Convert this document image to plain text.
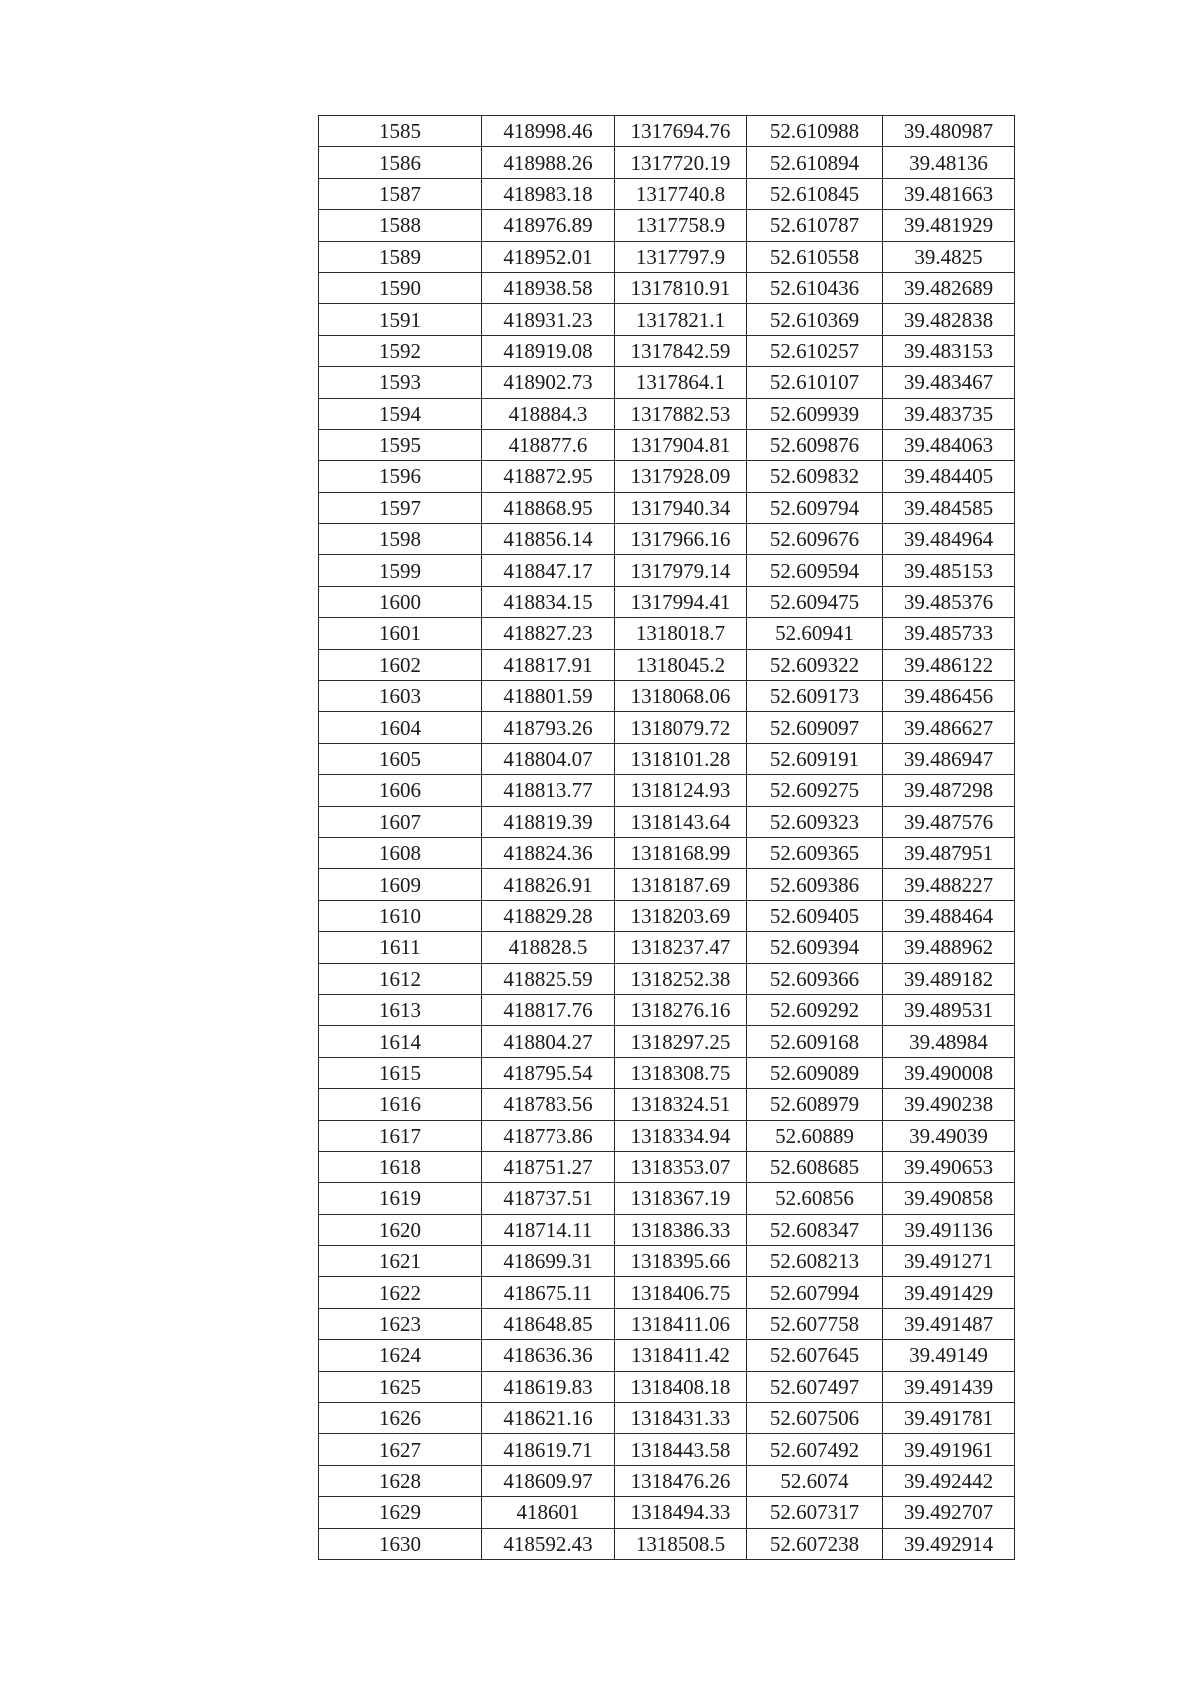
1585	418998.46	1317694.76	52.610988	39.480987
1586	418988.26	1317720.19	52.610894	39.48136
1587	418983.18	1317740.8	52.610845	39.481663
1588	418976.89	1317758.9	52.610787	39.481929
1589	418952.01	1317797.9	52.610558	39.4825
1590	418938.58	1317810.91	52.610436	39.482689
1591	418931.23	1317821.1	52.610369	39.482838
1592	418919.08	1317842.59	52.610257	39.483153
1593	418902.73	1317864.1	52.610107	39.483467
1594	418884.3	1317882.53	52.609939	39.483735
1595	418877.6	1317904.81	52.609876	39.484063
1596	418872.95	1317928.09	52.609832	39.484405
1597	418868.95	1317940.34	52.609794	39.484585
1598	418856.14	1317966.16	52.609676	39.484964
1599	418847.17	1317979.14	52.609594	39.485153
1600	418834.15	1317994.41	52.609475	39.485376
1601	418827.23	1318018.7	52.60941	39.485733
1602	418817.91	1318045.2	52.609322	39.486122
1603	418801.59	1318068.06	52.609173	39.486456
1604	418793.26	1318079.72	52.609097	39.486627
1605	418804.07	1318101.28	52.609191	39.486947
1606	418813.77	1318124.93	52.609275	39.487298
1607	418819.39	1318143.64	52.609323	39.487576
1608	418824.36	1318168.99	52.609365	39.487951
1609	418826.91	1318187.69	52.609386	39.488227
1610	418829.28	1318203.69	52.609405	39.488464
1611	418828.5	1318237.47	52.609394	39.488962
1612	418825.59	1318252.38	52.609366	39.489182
1613	418817.76	1318276.16	52.609292	39.489531
1614	418804.27	1318297.25	52.609168	39.48984
1615	418795.54	1318308.75	52.609089	39.490008
1616	418783.56	1318324.51	52.608979	39.490238
1617	418773.86	1318334.94	52.60889	39.49039
1618	418751.27	1318353.07	52.608685	39.490653
1619	418737.51	1318367.19	52.60856	39.490858
1620	418714.11	1318386.33	52.608347	39.491136
1621	418699.31	1318395.66	52.608213	39.491271
1622	418675.11	1318406.75	52.607994	39.491429
1623	418648.85	1318411.06	52.607758	39.491487
1624	418636.36	1318411.42	52.607645	39.49149
1625	418619.83	1318408.18	52.607497	39.491439
1626	418621.16	1318431.33	52.607506	39.491781
1627	418619.71	1318443.58	52.607492	39.491961
1628	418609.97	1318476.26	52.6074	39.492442
1629	418601	1318494.33	52.607317	39.492707
1630	418592.43	1318508.5	52.607238	39.492914
